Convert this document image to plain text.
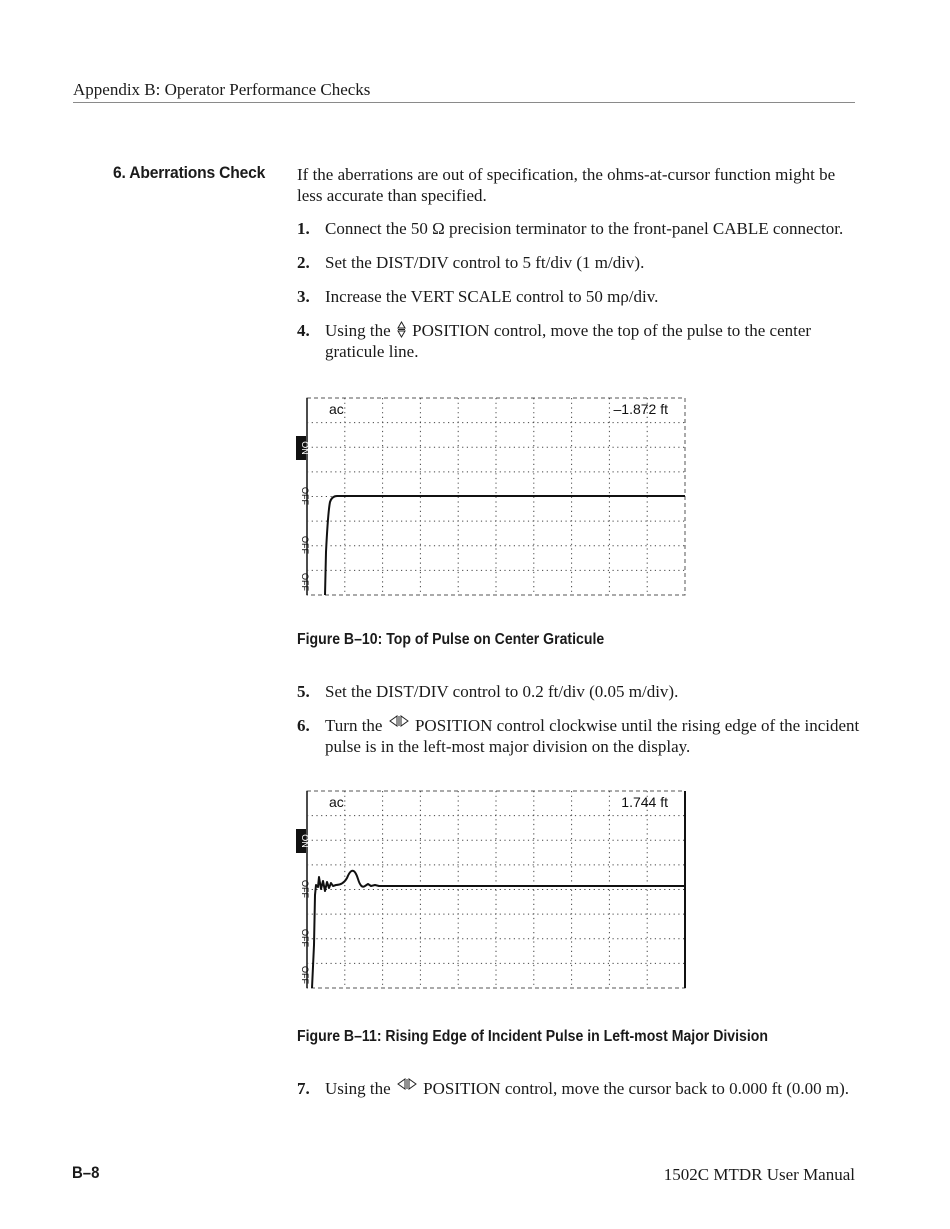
Appendix B: Operator Performance Checks
6. Aberrations Check If the aberrations are out of specification, the ohms-at-cursor function might be less accurate than specified.
1. Connect the 50 Ω precision terminator to the front-panel CABLE connector.
2. Set the DIST/DIV control to 5 ft/div (1 m/div).
3. Increase the VERT SCALE control to 50 mρ/div.
4. Using the POSITION control, move the top of the pulse to the center graticule line.
ac	–1.872 ft
ON
OFF
OFF
OFF
Figure B–10: Top of Pulse on Center Graticule
5. Set the DIST/DIV control to 0.2 ft/div (0.05 m/div).
6. Turn the POSITION control clockwise until the rising edge of the incident pulse is in the left-most major division on the display.
ac	1.744 ft
ON
OFF
OFF
OFF
Figure B–11: Rising Edge of Incident Pulse in Left-most Major Division
7. Using the POSITION control, move the cursor back to 0.000 ft (0.00 m).
B–8	1502C MTDR User Manual
